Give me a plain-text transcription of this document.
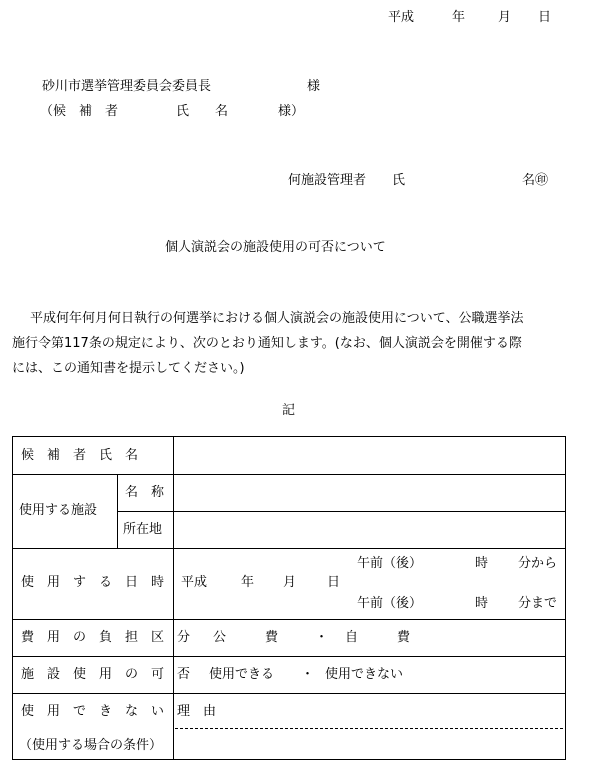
平成	年	月 日
砂川市選挙管理委員会委員長	様
（候　補　者	氏　　名	様）
何施設管理者 氏	名㊞
個人演説会の施設使用の可否について
平成何年何月何日執行の何選挙における個人演説会の施設使用について、公職選挙法
施行令第117条の規定により、次のとおり通知します。(なお、個人演説会を開催する際
には、この通知書を提示してください。)
記
候　補　者　氏　名
使用する施設
名　称
所在地
使　用　す　る　日　時 平成	年 月 日
午前（後）	時 分から
午前（後）	時 分まで
費　用　の　負　担　区　分 公　　　費	・ 自　　　費
施　設　使　用　の　可　否 使用できる ・ 使用できない
使　用　で　き　な　い　理　由
（使用する場合の条件）
